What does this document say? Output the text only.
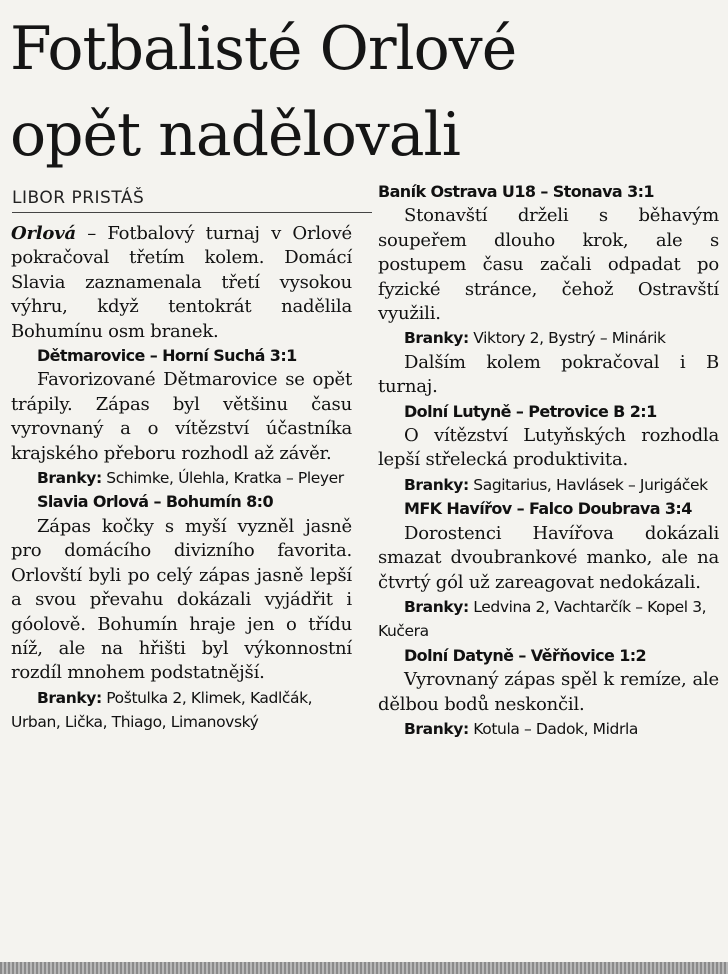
Fotbalisté Orlové
opět nadělovali
LIBOR PRISTÁŠ

Orlová – Fotbalový turnaj v Orlové pokračoval třetím kolem. Domácí Slavia zaznamenala třetí vysokou výhru, když tentokrát nadělila Bohumínu osm branek.

Dětmarovice – Horní Suchá 3:1

Favorizované Dětmarovice se opět trápily. Zápas byl většinu času vyrovnaný a o vítězství účastníka krajského přeboru rozhodl až závěr.

Branky: Schimke, Úlehla, Kratka – Pleyer

Slavia Orlová – Bohumín 8:0

Zápas kočky s myší vyzněl jasně pro domácího divizního favorita. Orlovští byli po celý zápas jasně lepší a svou převahu dokázali vyjádřit i góolově. Bohumín hraje jen o třídu níž, ale na hřišti byl výkonnostní rozdíl mnohem podstatnější.

Branky: Poštulka 2, Klimek, Kadlčák, Urban, Lička, Thiago, Limanovský

Baník Ostrava U18 – Stonava 3:1

Stonavští drželi s běhavým soupeřem dlouho krok, ale s postupem času začali odpadat po fyzické stránce, čehož Ostravští využili.

Branky: Viktory 2, Bystrý – Minárik

Dalším kolem pokračoval i B turnaj.

Dolní Lutyně – Petrovice B 2:1

O vítězství Lutyňských rozhodla lepší střelecká produktivita.

Branky: Sagitarius, Havlásek – Jurigáček

MFK Havířov – Falco Doubrava 3:4

Dorostenci Havířova dokázali smazat dvoubrankové manko, ale na čtvrtý gól už zareagovat nedokázali.

Branky: Ledvina 2, Vachtarčík – Kopel 3, Kučera

Dolní Datyně – Věřňovice 1:2

Vyrovnaný zápas spěl k remíze, ale dělbou bodů neskončil.

Branky: Kotula – Dadok, Midrla
